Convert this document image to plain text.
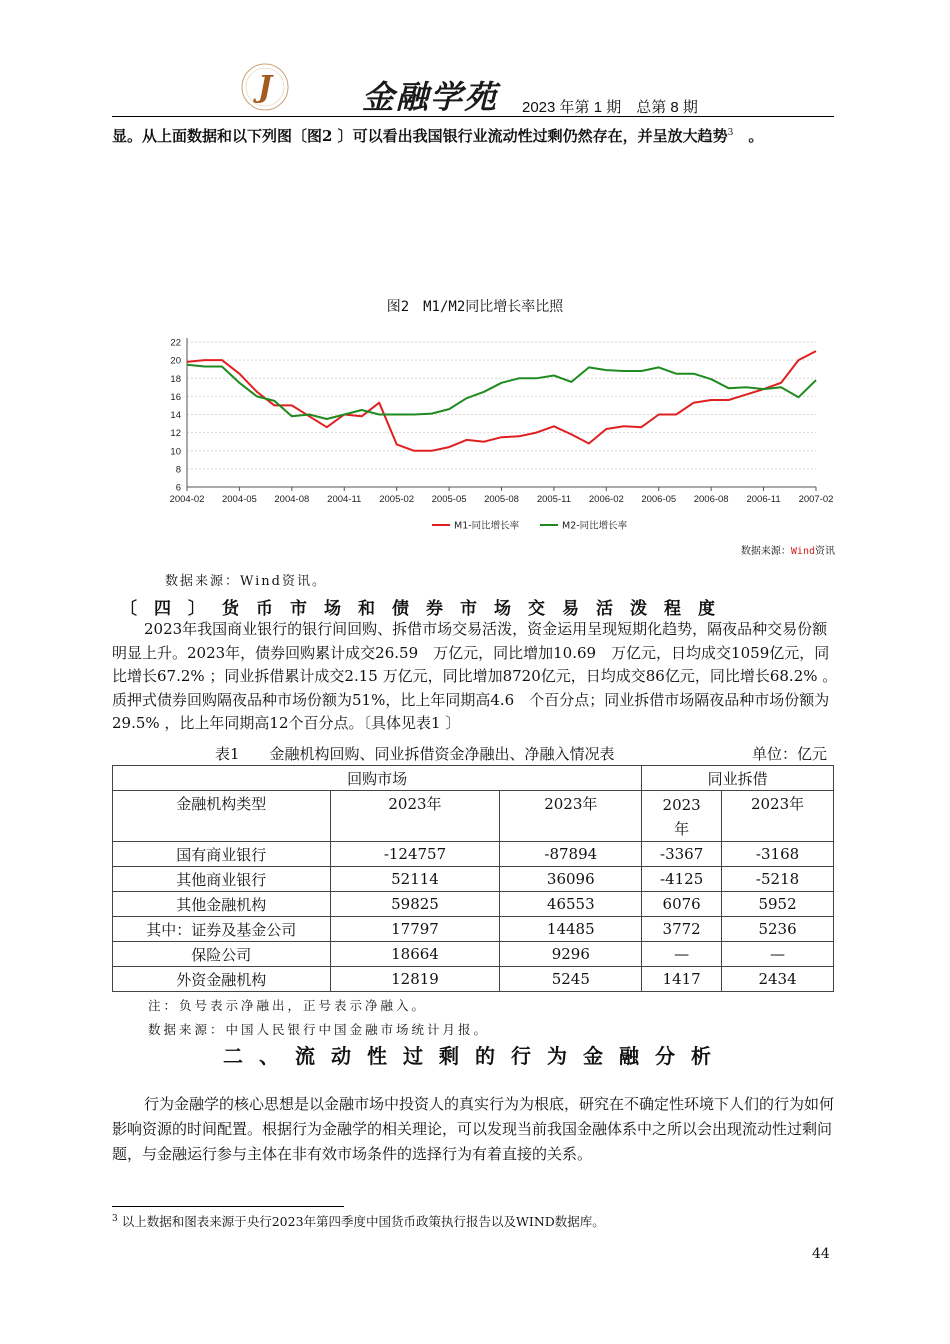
J	金融学苑 2023 年第 1 期　总第 8 期
显。从上面数据和以下列图〔图2 〕可以看出我国银行业流动性过剩仍然存在，并呈放大趋势$^3$　。
图2　M1/M2同比增长率比照
22
20
18
16
14
12
10
8
6
2004-02 2004-05 2004-08 2004-11 2005-02 2005-05 2005-08 2005-11 2006-02 2006-05 2006-08 2006-11 2007-02
M1-同比增长率	M2-同比增长率
数据来源：Wind资讯
数据来源：Wind资讯。
〔四〕货币市场和债券市场交易活泼程度
2023年我国商业银行的银行间回购、拆借市场交易活泼，资金运用呈现短期化趋势，隔夜品种交易份额明显上升。2023年，债券回购累计成交26.59　万亿元，同比增加10.69　万亿元，日均成交1059亿元，同比增长67.2% ；同业拆借累计成交2.15 万亿元，同比增加8720亿元，日均成交86亿元，同比增长68.2% 。质押式债券回购隔夜品种市场份额为51%，比上年同期高4.6　个百分点；同业拆借市场隔夜品种市场份额为29.5% ，比上年同期高12个百分点。〔具体见表1 〕
表1　　金融机构回购、同业拆借资金净融出、净融入情况表	单位：亿元
回购市场			同业拆借	
金融机构类型	2023年	2023年	2023年	2023年
国有商业银行	-124757	-87894	-3367	-3168
其他商业银行	52114	36096	-4125	-5218
其他金融机构	59825	46553	6076	5952
其中：证券及基金公司	17797	14485	3772	5236
保险公司	18664	9296	—	—
外资金融机构	12819	5245	1417	2434
注：负号表示净融出，正号表示净融入。
数据来源：中国人民银行中国金融市场统计月报。
二、流动性过剩的行为金融分析
行为金融学的核心思想是以金融市场中投资人的真实行为为根底，研究在不确定性环境下人们的行为如何影响资源的时间配置。根据行为金融学的相关理论，可以发现当前我国金融体系中之所以会出现流动性过剩问题，与金融运行参与主体在非有效市场条件的选择行为有着直接的关系。
$^3$ 以上数据和图表来源于央行2023年第四季度中国货币政策执行报告以及WIND数据库。
44
